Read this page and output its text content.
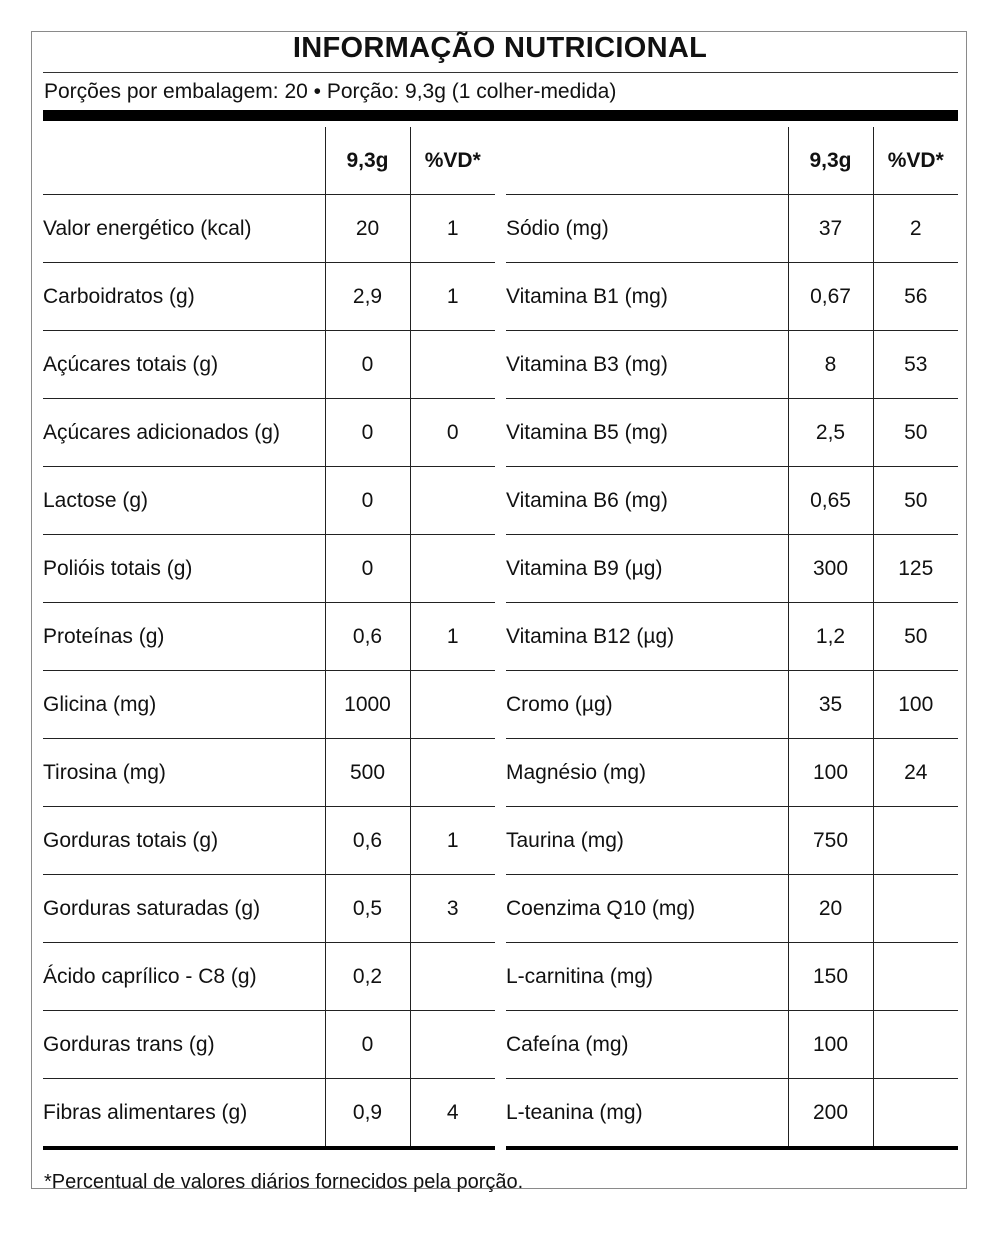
INFORMAÇÃO NUTRICIONAL
Porções por embalagem: 20 • Porção: 9,3g (1 colher-medida)
	9,3g	%VD*
Valor energético (kcal)	20	1
Carboidratos (g)	2,9	1
Açúcares totais (g)	0	
Açúcares adicionados (g)	0	0
Lactose (g)	0	
Polióis totais (g)	0	
Proteínas (g)	0,6	1
Glicina (mg)	1000	
Tirosina (mg)	500	
Gorduras totais (g)	0,6	1
Gorduras saturadas (g)	0,5	3
Ácido caprílico - C8 (g)	0,2	
Gorduras trans (g)	0	
Fibras alimentares (g)	0,9	4
	9,3g	%VD*
Sódio (mg)	37	2
Vitamina B1 (mg)	0,67	56
Vitamina B3 (mg)	8	53
Vitamina B5 (mg)	2,5	50
Vitamina B6 (mg)	0,65	50
Vitamina B9 (µg)	300	125
Vitamina B12 (µg)	1,2	50
Cromo (µg)	35	100
Magnésio (mg)	100	24
Taurina (mg)	750	
Coenzima Q10 (mg)	20	
L-carnitina (mg)	150	
Cafeína (mg)	100	
L-teanina (mg)	200	
*Percentual de valores diários fornecidos pela porção.
